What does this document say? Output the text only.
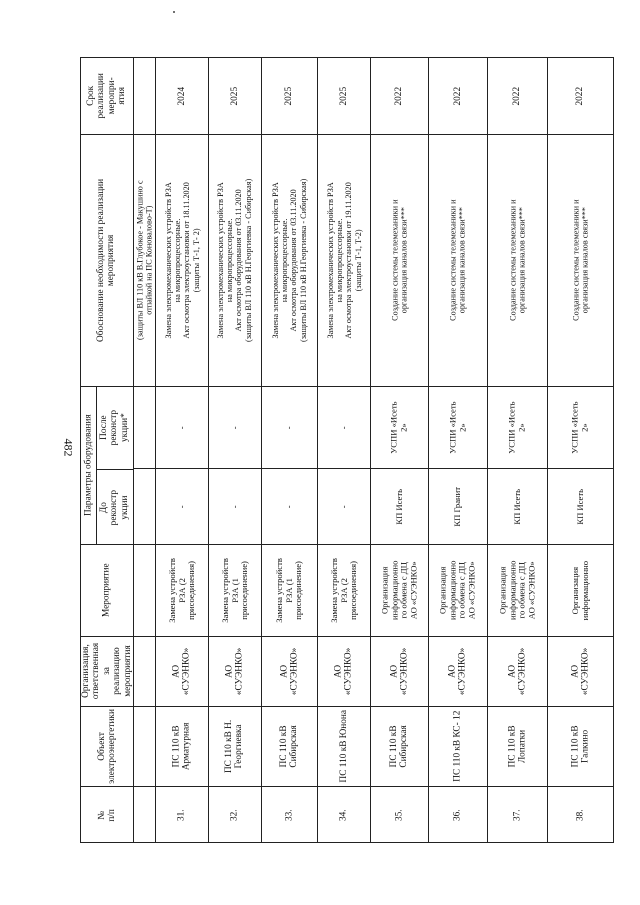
482
Срок
реализации
меропри-
ятия
Обоснование необходимости реализации
мероприятия
Параметры оборудования После
реконстр
укции*
До
реконстр
укции
Мероприятие
Организация,
ответственная
за
реализацию
мероприятия
Объект
электроэнергетики
№
п/п
(защиты ВЛ 110 кВ В.Глубокое - Макушино с
отпайкой на ПС Коноваловo-Т)
2024
Замена электромеханических устройств РЗА
на микропроцессорные.
Акт осмотра электроустановки от 18.11.2020
(защиты Т-1, Т- 2)
-
-
Замена устройств
РЗА (2
присоединения)
АО
«СУЭНКО»
ПС 110 кВ
Арматурная
31.
2025
Замена электромеханических устройств РЗА
на микропроцессорные.
Акт осмотра оборудования от 03.11.2020
(защиты ВЛ 110 кВ Н.Георгиевка - Сибирская)
-
-
Замена устройств
РЗА (1
присоединение)
АО
«СУЭНКО»
ПС 110 кВ Н.
Георгиевка
32.
2025
Замена электромеханических устройств РЗА
на микропроцессорные.
Акт осмотра оборудования от 03.11.2020
(защиты ВЛ 110 кВ Н.Георгиевка - Сибирская)
-
-
Замена устройств
РЗА (1
присоединение)
АО
«СУЭНКО»
ПС 110 кВ
Сибирская
33.
2025
Замена электромеханических устройств РЗА
на микропроцессорные.
Акт осмотра электроустановки от 19.11.2020
(защиты Т-1, Т-2)
-
-
Замена устройств
РЗА (2
присоединения)
АО
«СУЭНКО»
ПС 110 кВ Юнона
34.
2022
Создание системы телемеханики и
организация каналов связи***
УСПИ «Исеть
2»
КП Исеть
Организация
информационно
го обмена с ДЦ
АО «СУЭНКО»
АО
«СУЭНКО»
ПС 110 кВ
Сибирская
35.
2022
Создание системы телемеханики и
организация каналов связи***
УСПИ «Исеть
2»
КП Гранит
Организация
информационно
го обмена с ДЦ
АО «СУЭНКО»
АО
«СУЭНКО»
ПС 110 кВ КС- 12
36.
2022
Создание системы телемеханики и
организация каналов связи***
УСПИ «Исеть
2»
КП Исеть
Организация
информационно
го обмена с ДЦ
АО «СУЭНКО»
АО
«СУЭНКО»
ПС 110 кВ
Лопатки
37.
2022
Создание системы телемеханики и
организация каналов связи***
УСПИ «Исеть
2»
КП Исеть
Организация
информационно
АО
«СУЭНКО»
ПС 110 кВ
Галкино
38.
